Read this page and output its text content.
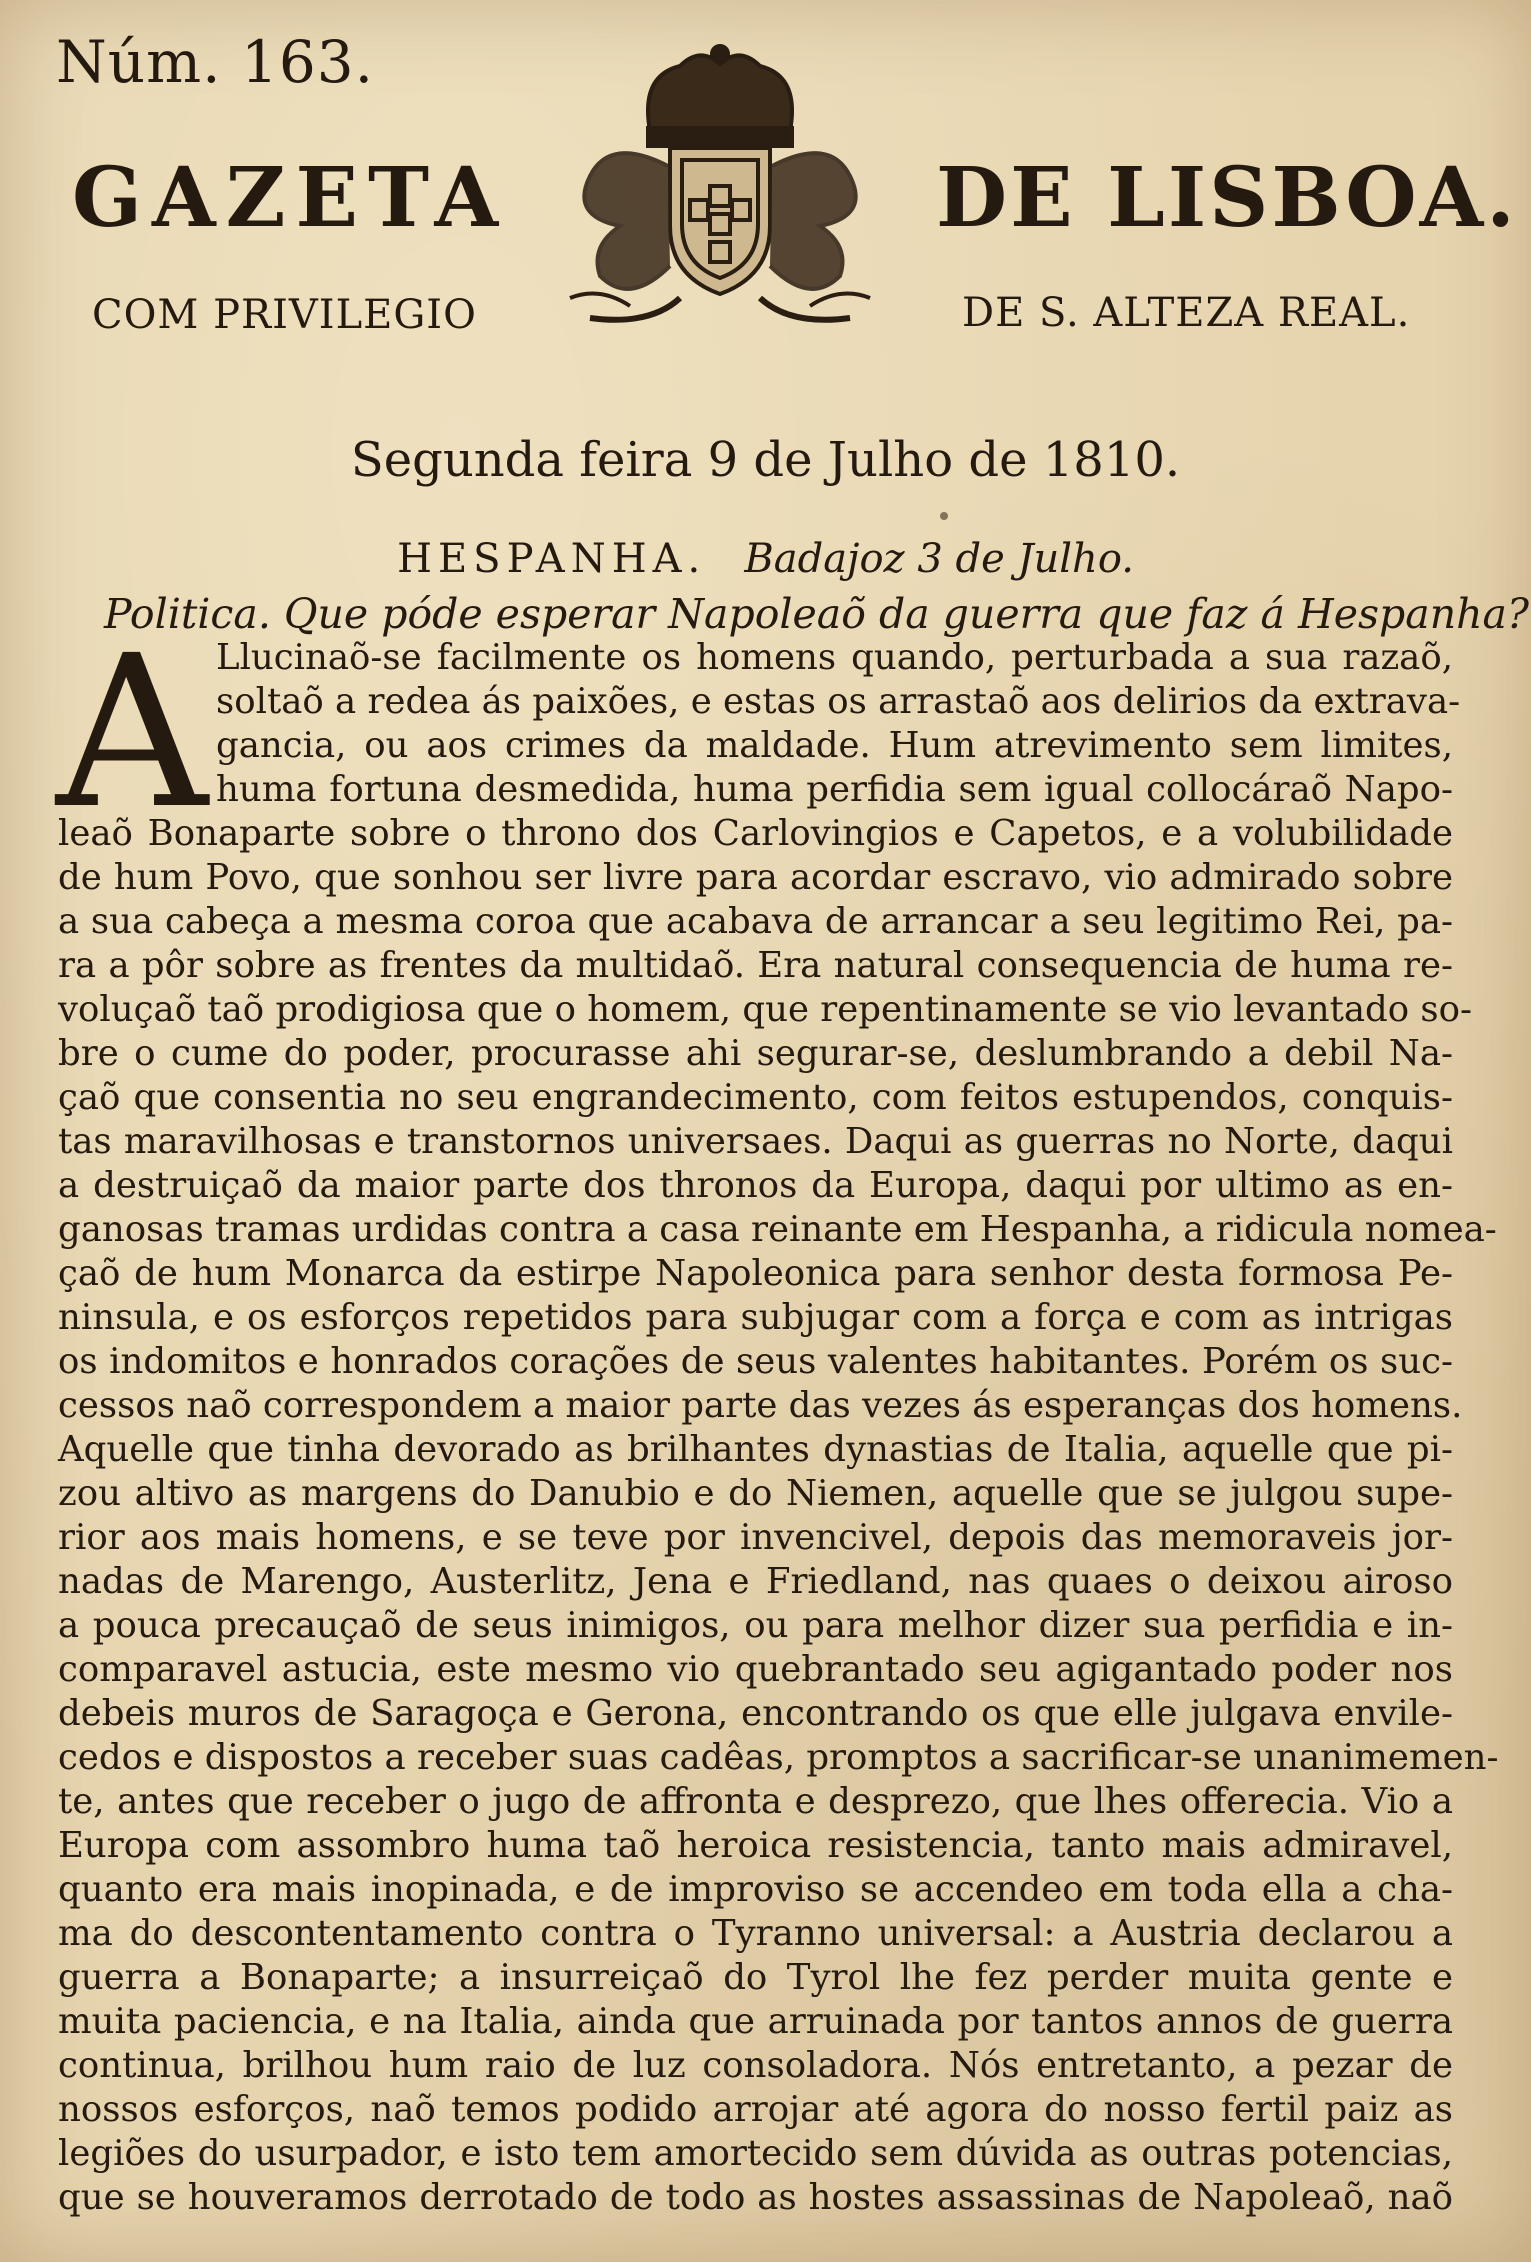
Núm. 163.
GAZETA	DE LISBOA.
COM PRIVILEGIO	DE S. ALTEZA REAL.
Segunda feira 9 de Julho de 1810.
HESPANHA. Badajoz 3 de Julho.
Politica. Que póde esperar Napoleaõ da guerra que faz á Hespanha?
A Llucinaõ-se facilmente os homens quando, perturbada a sua razaõ,
soltaõ a redea ás paixões, e estas os arrastaõ aos delirios da extrava-
gancia, ou aos crimes da maldade. Hum atrevimento sem limites,
huma fortuna desmedida, huma perfidia sem igual collocáraõ Napo-
leaõ Bonaparte sobre o throno dos Carlovingios e Capetos, e a volubilidade
de hum Povo, que sonhou ser livre para acordar escravo, vio admirado sobre
a sua cabeça a mesma coroa que acabava de arrancar a seu legitimo Rei, pa-
ra a pôr sobre as frentes da multidaõ. Era natural consequencia de huma re-
voluçaõ taõ prodigiosa que o homem, que repentinamente se vio levantado so-
bre o cume do poder, procurasse ahi segurar-se, deslumbrando a debil Na-
çaõ que consentia no seu engrandecimento, com feitos estupendos, conquis-
tas maravilhosas e transtornos universaes. Daqui as guerras no Norte, daqui
a destruiçaõ da maior parte dos thronos da Europa, daqui por ultimo as en-
ganosas tramas urdidas contra a casa reinante em Hespanha, a ridicula nomea-
çaõ de hum Monarca da estirpe Napoleonica para senhor desta formosa Pe-
ninsula, e os esforços repetidos para subjugar com a força e com as intrigas
os indomitos e honrados corações de seus valentes habitantes. Porém os suc-
cessos naõ correspondem a maior parte das vezes ás esperanças dos homens.
Aquelle que tinha devorado as brilhantes dynastias de Italia, aquelle que pi-
zou altivo as margens do Danubio e do Niemen, aquelle que se julgou supe-
rior aos mais homens, e se teve por invencivel, depois das memoraveis jor-
nadas de Marengo, Austerlitz, Jena e Friedland, nas quaes o deixou airoso
a pouca precauçaõ de seus inimigos, ou para melhor dizer sua perfidia e in-
comparavel astucia, este mesmo vio quebrantado seu agigantado poder nos
debeis muros de Saragoça e Gerona, encontrando os que elle julgava envile-
cedos e dispostos a receber suas cadêas, promptos a sacrificar-se unanimemen-
te, antes que receber o jugo de affronta e desprezo, que lhes offerecia. Vio a
Europa com assombro huma taõ heroica resistencia, tanto mais admiravel,
quanto era mais inopinada, e de improviso se accendeo em toda ella a cha-
ma do descontentamento contra o Tyranno universal: a Austria declarou a
guerra a Bonaparte; a insurreiçaõ do Tyrol lhe fez perder muita gente e
muita paciencia, e na Italia, ainda que arruinada por tantos annos de guerra
continua, brilhou hum raio de luz consoladora. Nós entretanto, a pezar de
nossos esforços, naõ temos podido arrojar até agora do nosso fertil paiz as
legiões do usurpador, e isto tem amortecido sem dúvida as outras potencias,
que se houveramos derrotado de todo as hostes assassinas de Napoleaõ, naõ
